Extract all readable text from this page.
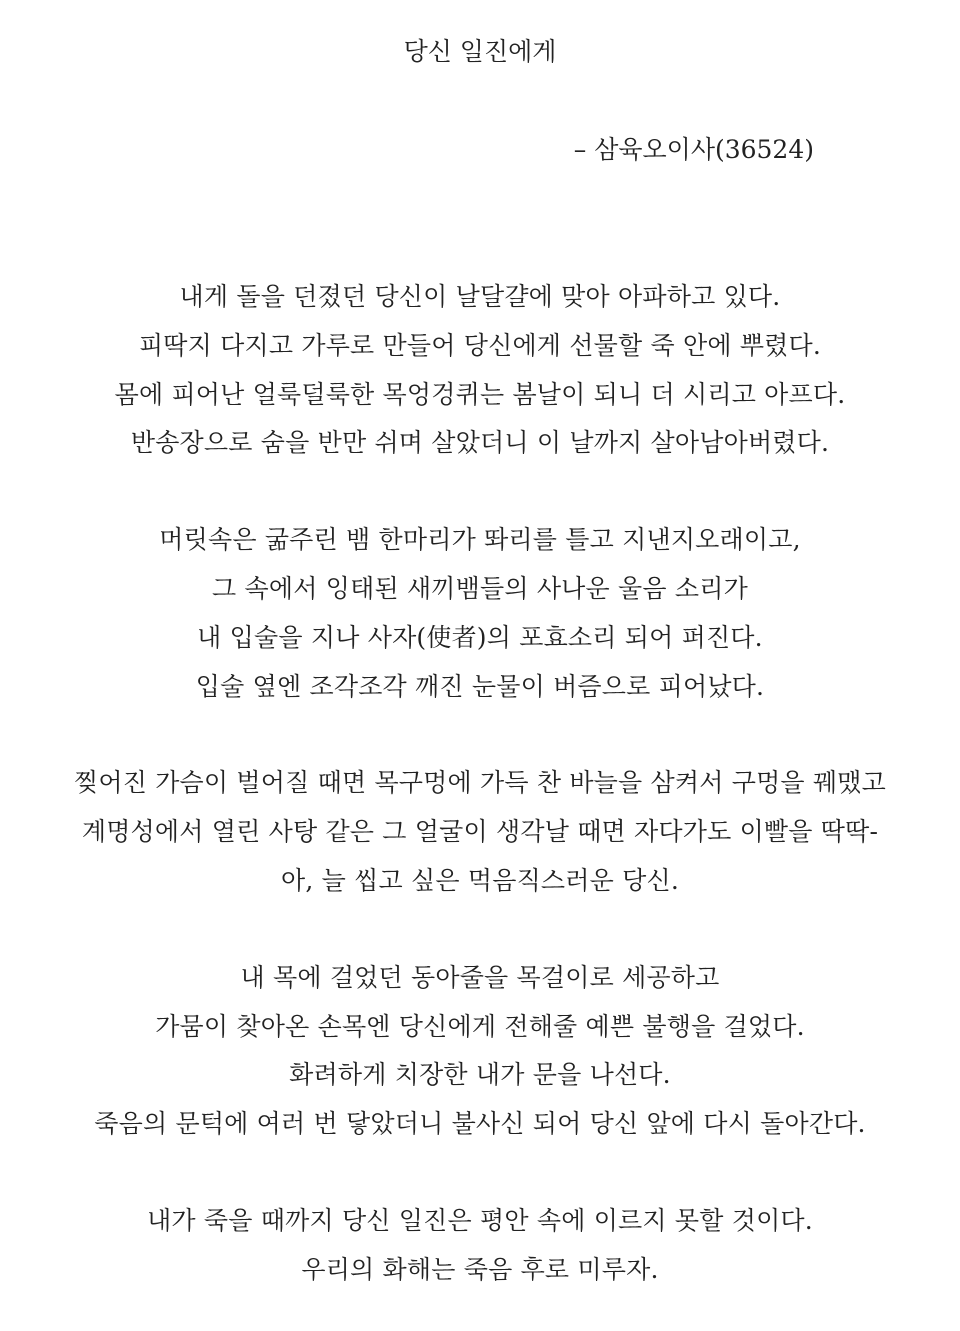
당신 일진에게

– 삼육오이사(36524)

내게 돌을 던졌던 당신이 날달걀에 맞아 아파하고 있다.
피딱지 다지고 가루로 만들어 당신에게 선물할 죽 안에 뿌렸다.
몸에 피어난 얼룩덜룩한 목엉겅퀴는 봄날이 되니 더 시리고 아프다.
반송장으로 숨을 반만 쉬며 살았더니 이 날까지 살아남아버렸다.
머릿속은 굶주린 뱀 한마리가 똬리를 틀고 지낸지오래이고,
그 속에서 잉태된 새끼뱀들의 사나운 울음 소리가
내 입술을 지나 사자(使者)의 포효소리 되어 퍼진다.
입술 옆엔 조각조각 깨진 눈물이 버즘으로 피어났다.
찢어진 가슴이 벌어질 때면 목구멍에 가득 찬 바늘을 삼켜서 구멍을 꿰맸고
계명성에서 열린 사탕 같은 그 얼굴이 생각날 때면 자다가도 이빨을 딱딱-
아, 늘 씹고 싶은 먹음직스러운 당신.
내 목에 걸었던 동아줄을 목걸이로 세공하고
가뭄이 찾아온 손목엔 당신에게 전해줄 예쁜 불행을 걸었다.
화려하게 치장한 내가 문을 나선다.
죽음의 문턱에 여러 번 닿았더니 불사신 되어 당신 앞에 다시 돌아간다.
내가 죽을 때까지 당신 일진은 평안 속에 이르지 못할 것이다.
우리의 화해는 죽음 후로 미루자.
